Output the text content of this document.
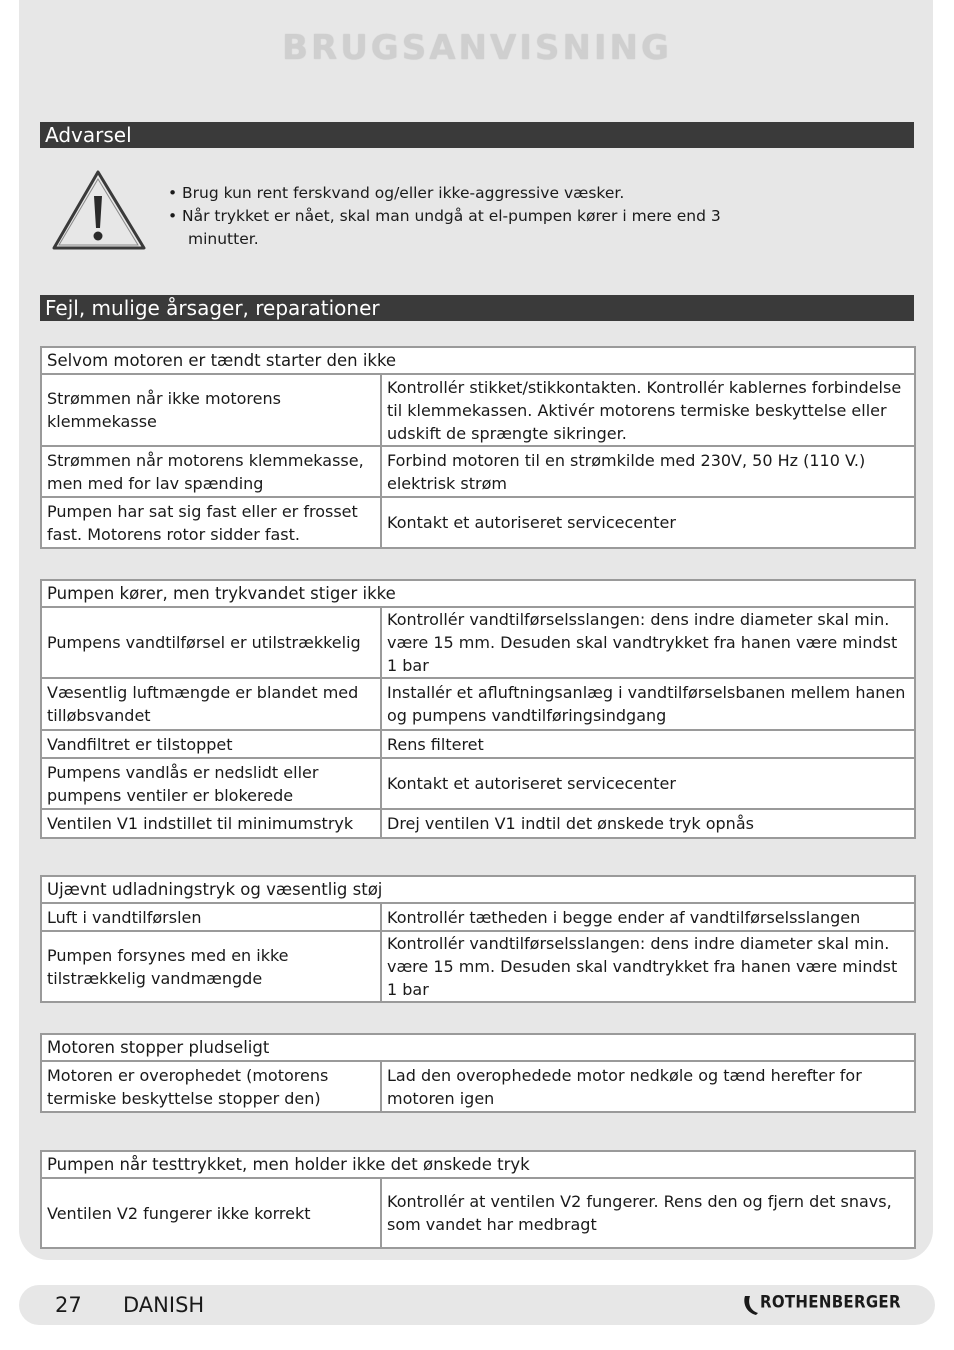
BRUGSANVISNING
Advarsel
• Brug kun rent ferskvand og/eller ikke-aggressive væsker.
• Når trykket er nået, skal man undgå at el-pumpen kører i mere end 3
minutter.
Fejl, mulige årsager, reparationer
Selvom motoren er tændt starter den ikke	
Strømmen når ikke motorens klemmekasse	Kontrollér stikket/stikkontakten. Kontrollér kablernes forbindelse til klemmekassen. Aktivér motorens termiske beskyttelse eller udskift de sprængte sikringer.
Strømmen når motorens klemmekasse, men med for lav spænding	Forbind motoren til en strømkilde med 230V, 50 Hz (110 V.) elektrisk strøm
Pumpen har sat sig fast eller er frosset fast. Motorens rotor sidder fast.	Kontakt et autoriseret servicecenter
Pumpen kører, men trykvandet stiger ikke	
Pumpens vandtilførsel er utilstrækkelig	Kontrollér vandtilførselsslangen: dens indre diameter skal min. være 15 mm. Desuden skal vandtrykket fra hanen være mindst 1 bar
Væsentlig luftmængde er blandet med tilløbsvandet	Installér et afluftningsanlæg i vandtilførselsbanen mellem hanen og pumpens vandtilføringsindgang
Vandfiltret er tilstoppet	Rens filteret
Pumpens vandlås er nedslidt eller pumpens ventiler er blokerede	Kontakt et autoriseret servicecenter
Ventilen V1 indstillet til minimumstryk	Drej ventilen V1 indtil det ønskede tryk opnås
Ujævnt udladningstryk og væsentlig støj	
Luft i vandtilførslen	Kontrollér tætheden i begge ender af vandtilførselsslangen
Pumpen forsynes med en ikke tilstrækkelig vandmængde	Kontrollér vandtilførselsslangen: dens indre diameter skal min. være 15 mm. Desuden skal vandtrykket fra hanen være mindst 1 bar
Motoren stopper pludseligt
Motoren er overophedet (motorens termiske beskyttelse stopper den)	Lad den overophedede motor nedkøle og tænd herefter for motoren igen
Pumpen når testtrykket, men holder ikke det ønskede tryk
Ventilen V2 fungerer ikke korrekt	Kontrollér at ventilen V2 fungerer. Rens den og fjern det snavs, som vandet har medbragt
27 DANISH	ROTHENBERGER
